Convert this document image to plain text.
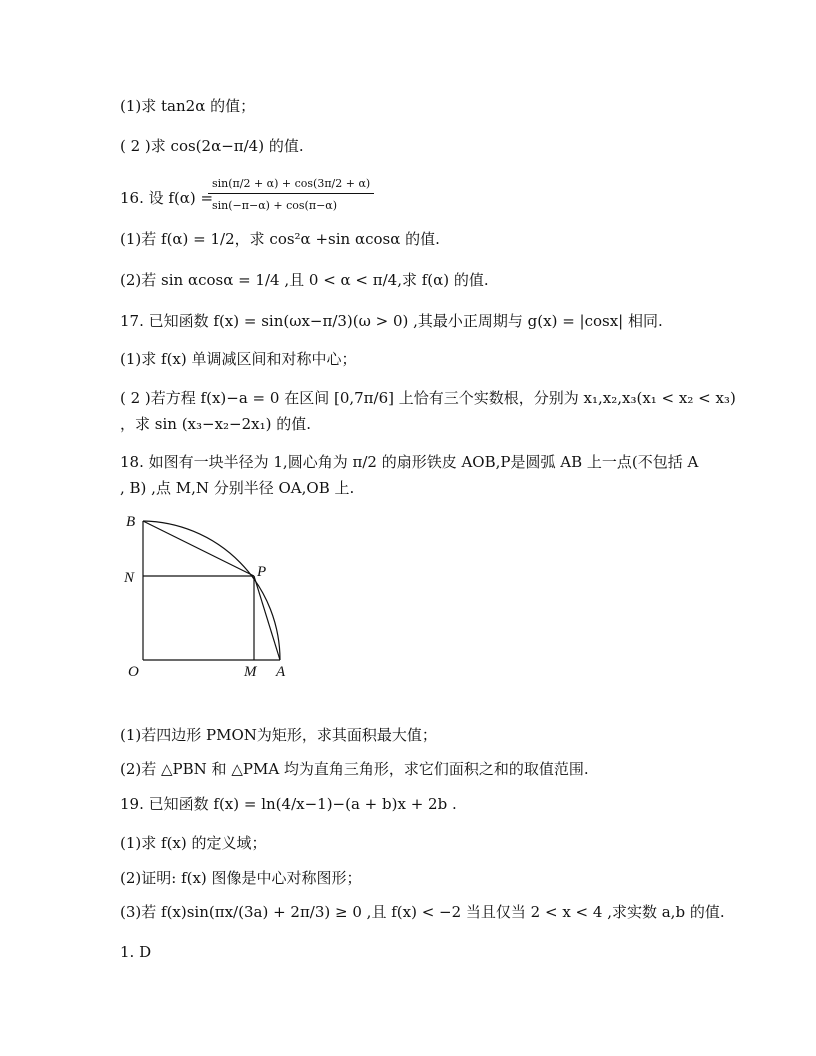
(1)求 tan2α 的值；
( 2 )求 cos(2α−π/4) 的值.
16. 设 f(α) =
sin(π/2 + α) + cos(3π/2 + α)
sin(−π−α) + cos(π−α)
(1)若 f(α) = 1/2，求 cos²α +sin αcosα 的值.
(2)若 sin αcosα = 1/4 ,且 0 < α < π/4,求 f(α) 的值.
17. 已知函数 f(x) = sin(ωx−π/3)(ω > 0) ,其最小正周期与 g(x) = |cosx| 相同.
(1)求 f(x) 单调减区间和对称中心；
( 2 )若方程 f(x)−a = 0 在区间 [0,7π/6] 上恰有三个实数根，分别为 x₁,x₂,x₃(x₁ < x₂ < x₃)
，求 sin (x₃−x₂−2x₁) 的值.
18. 如图有一块半径为 1,圆心角为 π/2 的扇形铁皮 AOB,P是圆弧 AB 上一点(不包括 A
, B) ,点 M,N 分别半径 OA,OB 上.
B
N	P
O	M A
(1)若四边形 PMON为矩形，求其面积最大值；
(2)若 △PBN 和 △PMA 均为直角三角形，求它们面积之和的取值范围.
19. 已知函数 f(x) = ln(4/x−1)−(a + b)x + 2b .
(1)求 f(x) 的定义域；
(2)证明: f(x) 图像是中心对称图形；
(3)若 f(x)sin(πx/(3a) + 2π/3) ≥ 0 ,且 f(x) < −2 当且仅当 2 < x < 4 ,求实数 a,b 的值.
1. D
